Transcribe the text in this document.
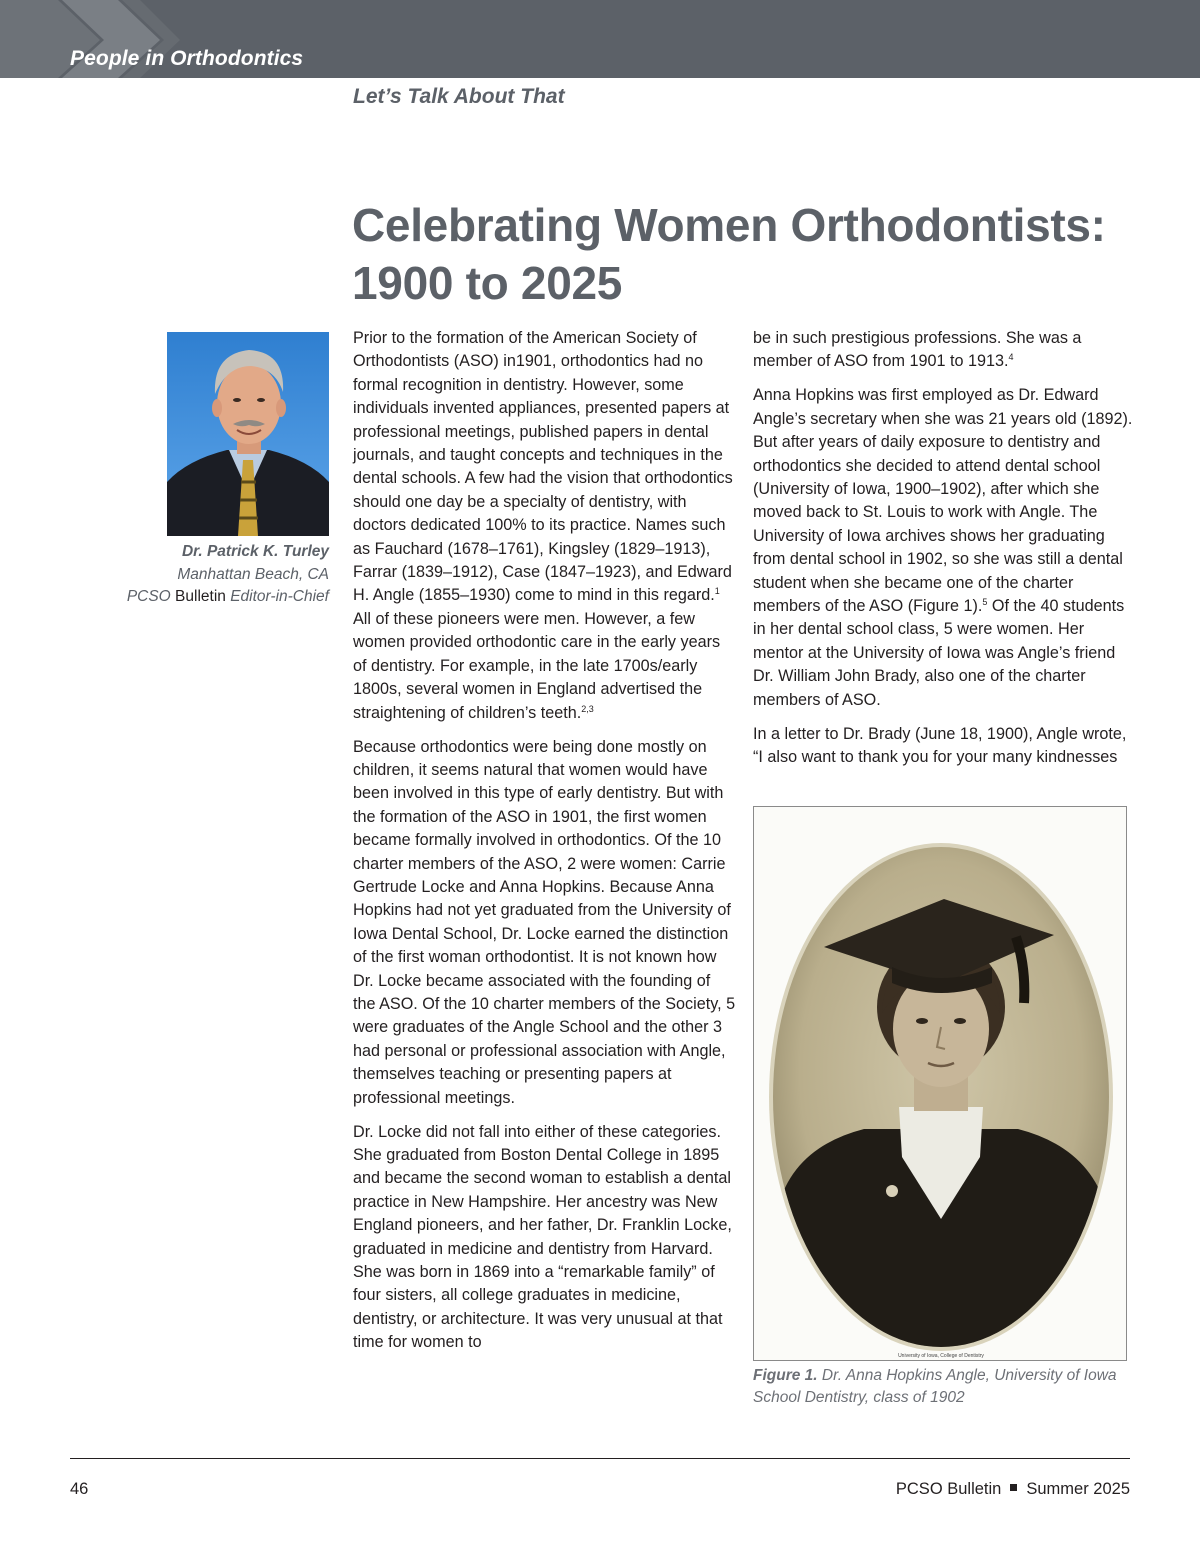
People in Orthodontics
Let’s Talk About That
Celebrating Women Orthodontists: 1900 to 2025
Dr. Patrick K. Turley
Manhattan Beach, CA
PCSO Bulletin Editor-in-Chief

Prior to the formation of the American Society of Orthodontists (ASO) in1901, orthodontics had no formal recognition in dentistry. However, some individuals invented appliances, presented papers at professional meetings, published papers in dental journals, and taught concepts and techniques in the dental schools. A few had the vision that orthodontics should one day be a specialty of dentistry, with doctors dedicated 100% to its practice. Names such as Fauchard (1678–1761), Kingsley (1829–1913), Farrar (1839–1912), Case (1847–1923), and Edward H. Angle (1855–1930) come to mind in this regard.$^1$ All of these pioneers were men. However, a few women provided orthodontic care in the early years of dentistry. For example, in the late 1700s/early 1800s, several women in England advertised the straightening of children’s teeth.$^{2,3}$

Because orthodontics were being done mostly on children, it seems natural that women would have been involved in this type of early dentistry. But with the formation of the ASO in 1901, the first women became formally involved in orthodontics. Of the 10 charter members of the ASO, 2 were women: Carrie Gertrude Locke and Anna Hopkins. Because Anna Hopkins had not yet graduated from the University of Iowa Dental School, Dr. Locke earned the distinction of the first woman orthodontist. It is not known how Dr. Locke became associated with the founding of the ASO. Of the 10 charter members of the Society, 5 were graduates of the Angle School and the other 3 had personal or professional association with Angle, themselves teaching or presenting papers at professional meetings.

Dr. Locke did not fall into either of these categories. She graduated from Boston Dental College in 1895 and became the second woman to establish a dental practice in New Hampshire. Her ancestry was New England pioneers, and her father, Dr. Franklin Locke, graduated in medicine and dentistry from Harvard. She was born in 1869 into a “remarkable family” of four sisters, all college graduates in medicine, dentistry, or architecture. It was very unusual at that time for women to

be in such prestigious professions. She was a member of ASO from 1901 to 1913.$^4$

Anna Hopkins was first employed as Dr. Edward Angle’s secretary when she was 21 years old (1892). But after years of daily exposure to dentistry and orthodontics she decided to attend dental school (University of Iowa, 1900–1902), after which she moved back to St. Louis to work with Angle. The University of Iowa archives shows her graduating from dental school in 1902, so she was still a dental student when she became one of the charter members of the ASO (Figure 1).$^5$ Of the 40 students in her dental school class, 5 were women. Her mentor at the University of Iowa was Angle’s friend Dr. William John Brady, also one of the charter members of ASO.

In a letter to Dr. Brady (June 18, 1900), Angle wrote, “I also want to thank you for your many kindnesses

University of Iowa, College of Dentistry
Figure 1. Dr. Anna Hopkins Angle, University of Iowa School Dentistry, class of 1902
46	PCSO Bulletin Summer 2025
